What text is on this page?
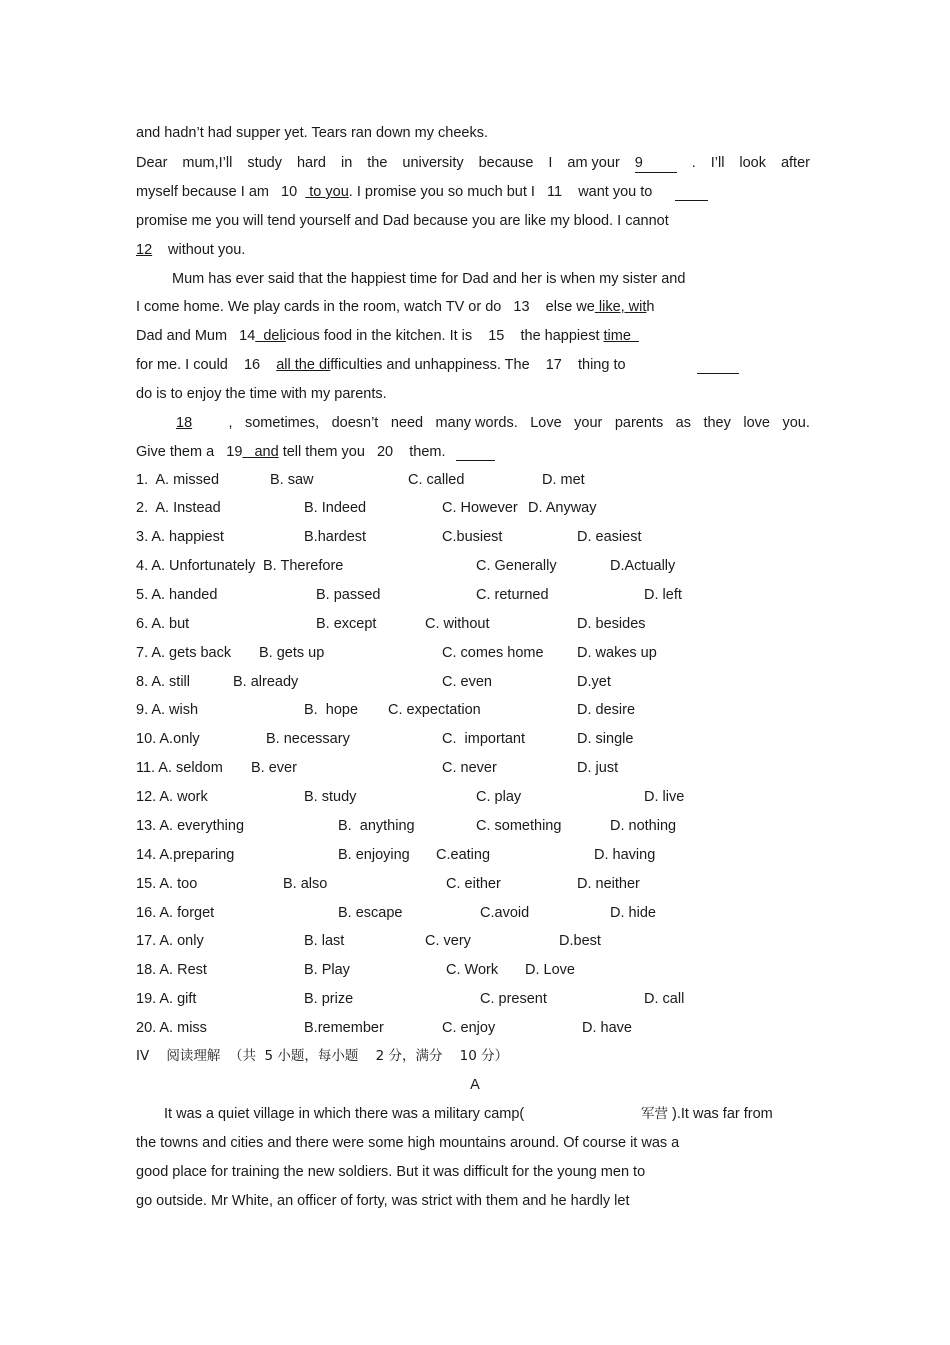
and hadn’t had supper yet. Tears ran down my cheeks.
Dear mum,I’ll study hard in the university because I am your 9	. I’ll look after
myself because I am   10   to you. I promise you so much but I   11    want you to
promise me you will tend yourself and Dad because you are like my blood. I cannot
12 without you.
Mum has ever said that the happiest time for Dad and her is when my sister and
I come home. We play cards in the room, watch TV or do   13    else we like, with
Dad and Mum   14  delicious food in the kitchen. It is    15    the happiest time
for me. I could    16    all the difficulties and unhappiness. The    17    thing to
do is to enjoy the time with my parents.
18	, sometimes, doesn’t need many words. Love your parents as they love you.
Give them a   19   and tell them you   20    them.
1.  A. missed	B. saw	C. called	D. met
2.  A. Instead	B. Indeed	C. However D. Anyway
3. A. happiest	B.hardest	C.busiest	D. easiest
4. A. Unfortunately B. Therefore	C. Generally	D.Actually
5. A. handed	B. passed	C. returned	D. left
6. A. but	B. except	C. without	D. besides
7. A. gets back B. gets up	C. comes home D. wakes up
8. A. still	B. already	C. even	D.yet
9. A. wish	B.  hope C. expectation	D. desire
10. A.only	B. necessary	C.  important	D. single
11. A. seldom B. ever	C. never	D. just
12. A. work	B. study	C. play	D. live
13. A. everything	B.  anything	C. something	D. nothing
14. A.preparing	B. enjoying C.eating	D. having
15. A. too	B. also	C. either	D. neither
16. A. forget	B. escape	C.avoid	D. hide
17. A. only	B. last	C. very	D.best
18. A. Rest	B. Play	C. Work D. Love
19. A. gift	B. prize	C. present	D. call
20. A. miss	B.remember	C. enjoy	D. have
IV    阅读理解  （共  5 小题，每小题    2 分，满分    10 分）
A
It was a quiet village in which there was a military camp(	军营 ).It was far from
the towns and cities and there were some high mountains around. Of course it was a
good place for training the new soldiers. But it was difficult for the young men to
go outside. Mr White, an officer of forty, was strict with them and he hardly let
